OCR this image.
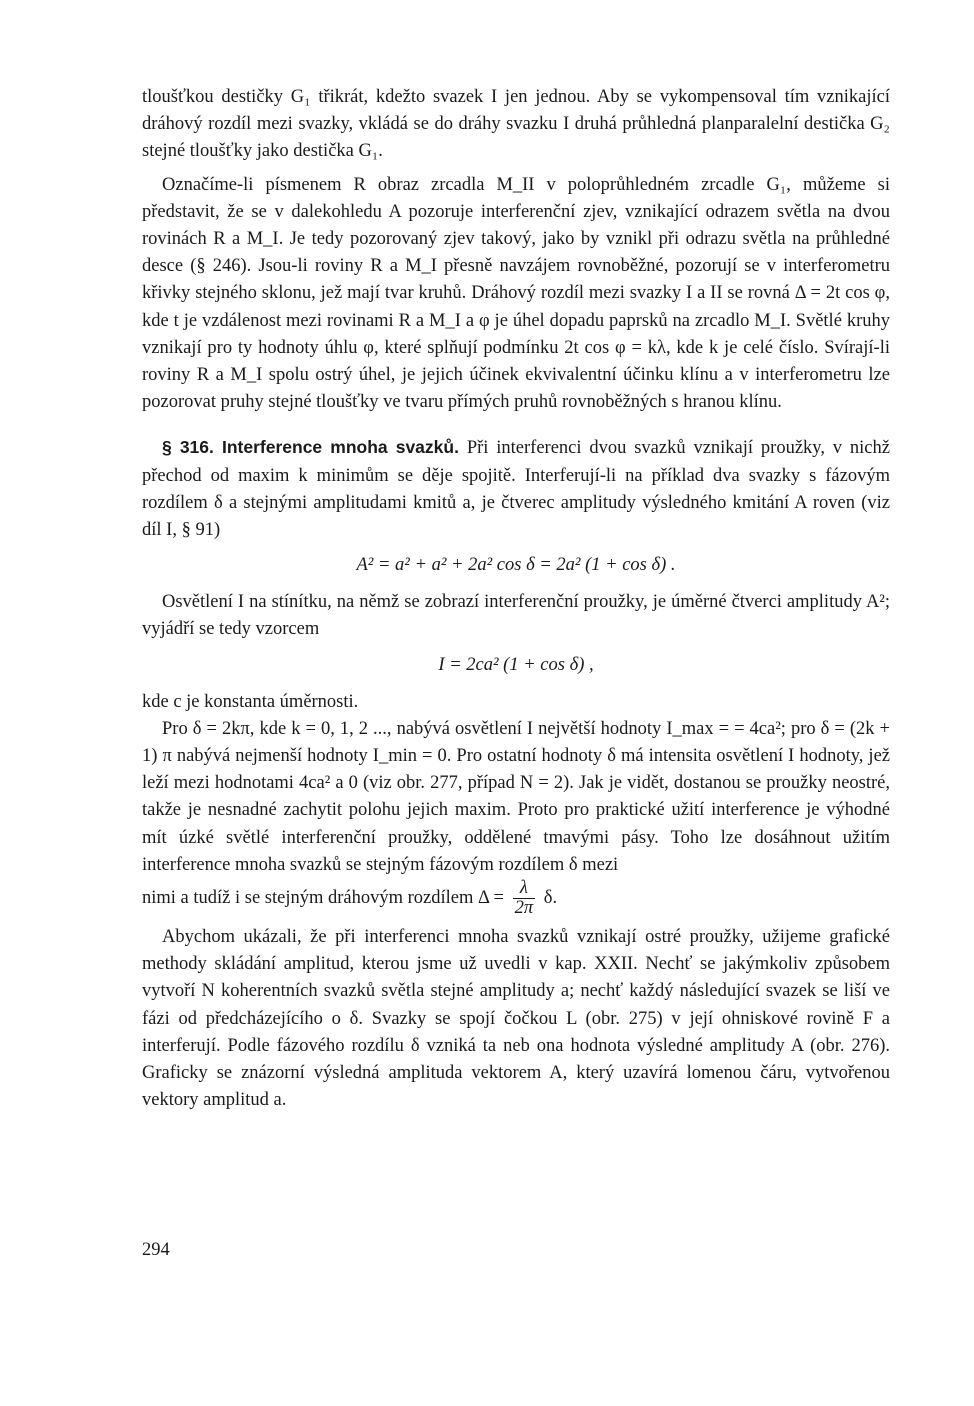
tloušťkou destičky G₁ třikrát, kdežto svazek I jen jednou. Aby se vykompensoval tím vznikající dráhový rozdíl mezi svazky, vkládá se do dráhy svazku I druhá průhledná planparalelní destička G₂ stejné tloušťky jako destička G₁.

Označíme-li písmenem R obraz zrcadla M_II v poloprůhledném zrcadle G₁, můžeme si představit, že se v dalekohledu A pozoruje interferenční zjev, vznikající odrazem světla na dvou rovinách R a M_I. Je tedy pozorovaný zjev takový, jako by vznikl při odrazu světla na průhledné desce (§ 246). Jsou-li roviny R a M_I přesně navzájem rovnoběžné, pozorují se v interferometru křivky stejného sklonu, jež mají tvar kruhů. Dráhový rozdíl mezi svazky I a II se rovná Δ = 2t cos φ, kde t je vzdálenost mezi rovinami R a M_I a φ je úhel dopadu paprsků na zrcadlo M_I. Světlé kruhy vznikají pro ty hodnoty úhlu φ, které splňují podmínku 2t cos φ = kλ, kde k je celé číslo. Svírají-li roviny R a M_I spolu ostrý úhel, je jejich účinek ekvivalentní účinku klínu a v interferometru lze pozorovat pruhy stejné tloušťky ve tvaru přímých pruhů rovnoběžných s hranou klínu.

§ 316. Interference mnoha svazků. Při interferenci dvou svazků vznikají proužky, v nichž přechod od maxim k minimům se děje spojitě. Interferují-li na příklad dva svazky s fázovým rozdílem δ a stejnými amplitudami kmitů a, je čtverec amplitudy výsledného kmitání A roven (viz díl I, § 91)

A² = a² + a² + 2a² cos δ = 2a² (1 + cos δ) .

Osvětlení I na stínítku, na němž se zobrazí interferenční proužky, je úměrné čtverci amplitudy A²; vyjádří se tedy vzorcem

I = 2ca² (1 + cos δ) ,

kde c je konstanta úměrnosti.

Pro δ = 2kπ, kde k = 0, 1, 2 ..., nabývá osvětlení I největší hodnoty I_max = = 4ca²; pro δ = (2k + 1) π nabývá nejmenší hodnoty I_min = 0. Pro ostatní hodnoty δ má intensita osvětlení I hodnoty, jež leží mezi hodnotami 4ca² a 0 (viz obr. 277, případ N = 2). Jak je vidět, dostanou se proužky neostré, takže je nesnadné zachytit polohu jejich maxim. Proto pro praktické užití interference je výhodné mít úzké světlé interferenční proužky, oddělené tmavými pásy. Toho lze dosáhnout užitím interference mnoha svazků se stejným fázovým rozdílem δ mezi

nimi a tudíž i se stejným dráhovým rozdílem $\Delta = \frac{\lambda}{2\pi} \delta$.

Abychom ukázali, že při interferenci mnoha svazků vznikají ostré proužky, užijeme grafické methody skládání amplitud, kterou jsme už uvedli v kap. XXII. Nechť se jakýmkoliv způsobem vytvoří N koherentních svazků světla stejné amplitudy a; nechť každý následující svazek se liší ve fázi od předcházejícího o δ. Svazky se spojí čočkou L (obr. 275) v její ohniskové rovině F a interferují. Podle fázového rozdílu δ vzniká ta neb ona hodnota výsledné amplitudy A (obr. 276). Graficky se znázorní výsledná amplituda vektorem A, který uzavírá lomenou čáru, vytvořenou vektory amplitud a.

294
